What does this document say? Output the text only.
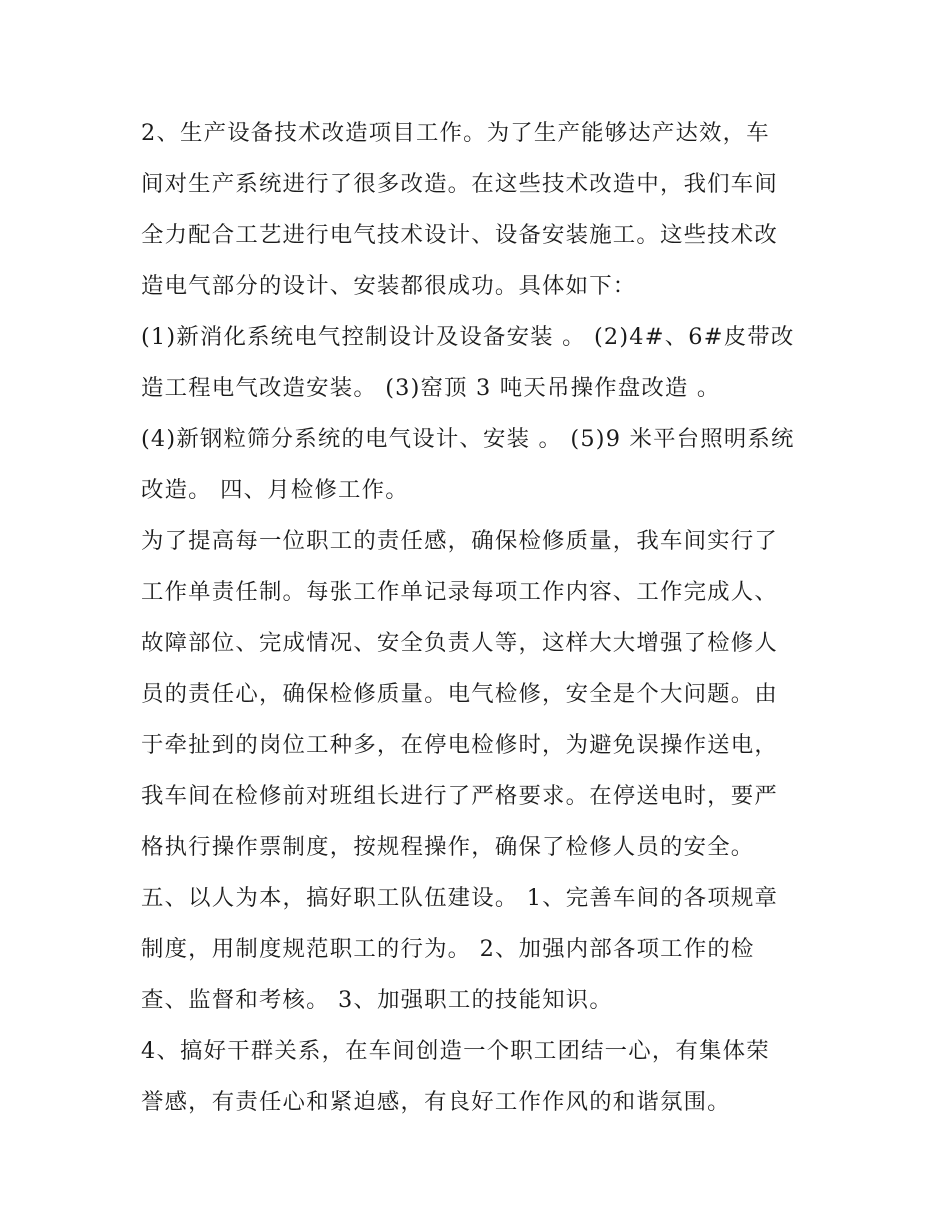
2、生产设备技术改造项目工作。为了生产能够达产达效，车
间对生产系统进行了很多改造。在这些技术改造中，我们车间
全力配合工艺进行电气技术设计、设备安装施工。这些技术改
造电气部分的设计、安装都很成功。具体如下：
(1)新消化系统电气控制设计及设备安装 。 (2)4#、6#皮带改
造工程电气改造安装。 (3)窑顶 3 吨天吊操作盘改造 。
(4)新钢粒筛分系统的电气设计、安装 。 (5)9 米平台照明系统
改造。 四、月检修工作。
为了提高每一位职工的责任感，确保检修质量，我车间实行了
工作单责任制。每张工作单记录每项工作内容、工作完成人、
故障部位、完成情况、安全负责人等，这样大大增强了检修人
员的责任心，确保检修质量。电气检修，安全是个大问题。由
于牵扯到的岗位工种多，在停电检修时，为避免误操作送电，
我车间在检修前对班组长进行了严格要求。在停送电时，要严
格执行操作票制度，按规程操作，确保了检修人员的安全。
五、以人为本，搞好职工队伍建设。 1、完善车间的各项规章
制度，用制度规范职工的行为。 2、加强内部各项工作的检
查、监督和考核。 3、加强职工的技能知识。
4、搞好干群关系，在车间创造一个职工团结一心，有集体荣
誉感，有责任心和紧迫感，有良好工作作风的和谐氛围。
